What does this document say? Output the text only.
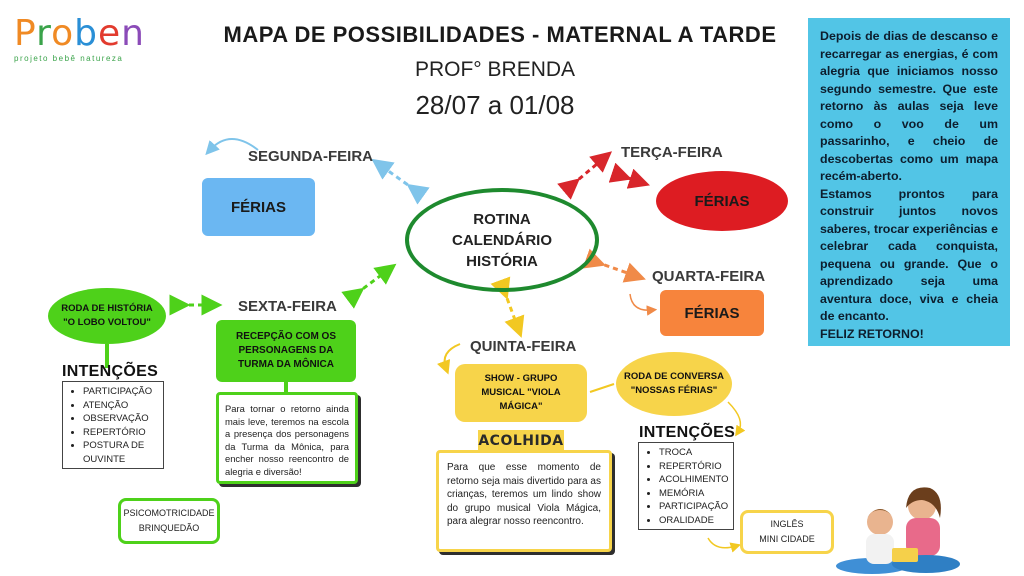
Proben
projeto bebê natureza
MAPA DE POSSIBILIDADES - MATERNAL A TARDE
PROF° BRENDA
28/07 a 01/08
ROTINA
CALENDÁRIO
HISTÓRIA
SEGUNDA-FEIRA
FÉRIAS
TERÇA-FEIRA
FÉRIAS
QUARTA-FEIRA
FÉRIAS
QUINTA-FEIRA
SHOW - GRUPO MUSICAL "VIOLA MÁGICA"
RODA DE CONVERSA "NOSSAS FÉRIAS"
ACOLHIDA
Para que esse momento de retorno seja mais divertido para as crianças, teremos um lindo show do grupo musical Viola Mágica, para alegrar nosso reencontro.
INTENÇÕES
• TROCA
• REPERTÓRIO
• ACOLHIMENTO
• MEMÓRIA
• PARTICIPAÇÃO
• ORALIDADE	INGLÊS
MINI CIDADE
SEXTA-FEIRA
RODA DE HISTÓRIA "O LOBO VOLTOU"
RECEPÇÃO COM OS PERSONAGENS DA TURMA DA MÔNICA
Para tornar o retorno ainda mais leve, teremos na escola a presença dos personagens da Turma da Mônica, para encher nosso reencontro de alegria e diversão!
INTENÇÕES
• PARTICIPAÇÃO
• ATENÇÃO
• OBSERVAÇÃO
• REPERTÓRIO
• POSTURA DE OUVINTE
PSICOMOTRICIDADE
BRINQUEDÃO

Depois de dias de descanso e recarregar as energias, é com alegria que iniciamos nosso segundo semestre. Que este retorno às aulas seja leve como o voo de um passarinho, e cheio de descobertas como um mapa recém-aberto.

Estamos prontos para construir juntos novos saberes, trocar experiências e celebrar cada conquista, pequena ou grande. Que o aprendizado seja uma aventura doce, viva e cheia de encanto.

FELIZ RETORNO!
